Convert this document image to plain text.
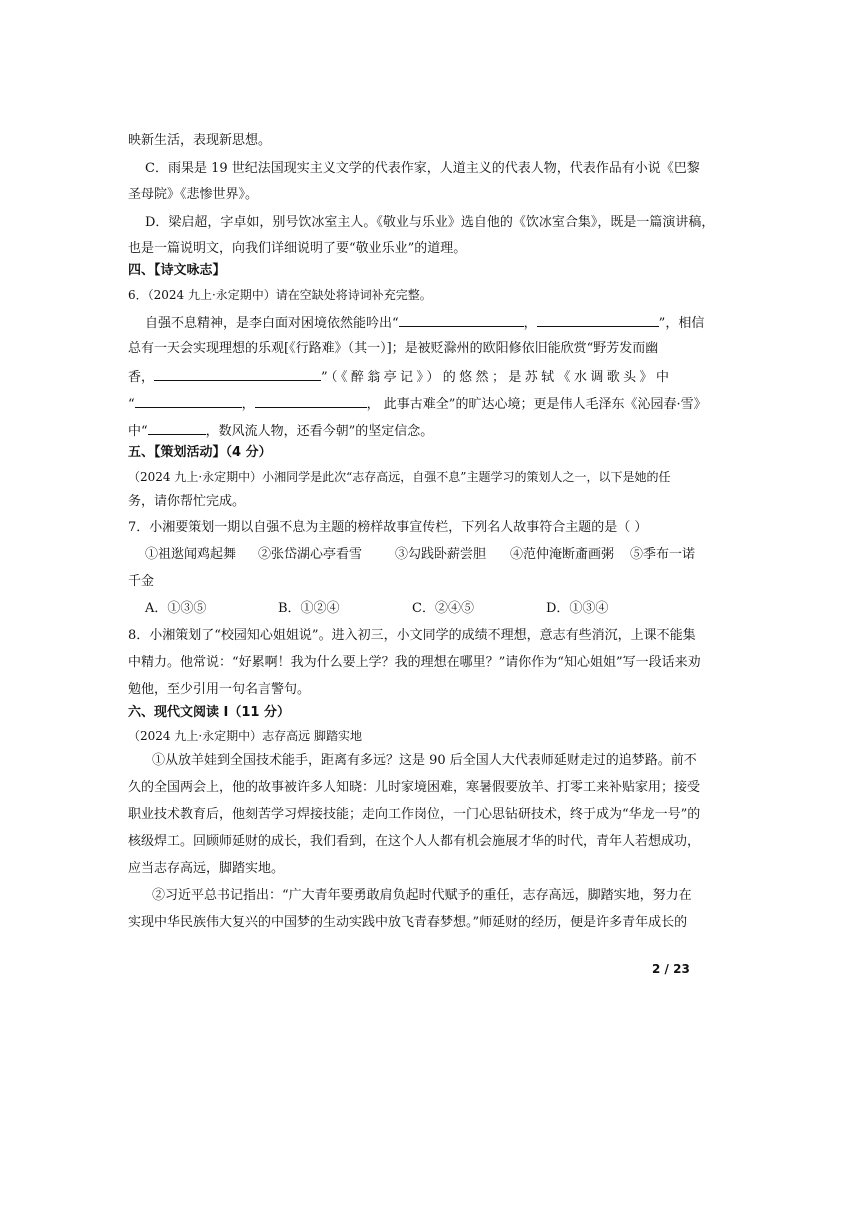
映新生活，表现新思想。
C．雨果是 19 世纪法国现实主义文学的代表作家，人道主义的代表人物，代表作品有小说《巴黎
圣母院》《悲惨世界》。
D．梁启超，字卓如，别号饮冰室主人。《敬业与乐业》选自他的《饮冰室合集》，既是一篇演讲稿，
也是一篇说明文，向我们详细说明了要“敬业乐业”的道理。
四、【诗文咏志】
6．（2024 九上·永定期中）请在空缺处将诗词补充完整。
自强不息精神，是李白面对困境依然能吟出“	，	”，相信
总有一天会实现理想的乐观[《行路难》（其一）]；是被贬滁州的欧阳修依旧能欣赏“野芳发而幽
香，	”（《醉翁亭记》）的悠然；是苏轼《水调歌头》中
“	，	， 此事古难全”的旷达心境；更是伟人毛泽东《沁园春·雪》
中“	，数风流人物，还看今朝”的坚定信念。
五、【策划活动】（4 分）
（2024 九上·永定期中）小湘同学是此次“志存高远，自强不息”主题学习的策划人之一，以下是她的任
务，请你帮忙完成。
7．小湘要策划一期以自强不息为主题的榜样故事宣传栏，下列名人故事符合主题的是（ ）
①祖逖闻鸡起舞 ②张岱湖心亭看雪	③勾践卧薪尝胆 ④范仲淹断齑画粥 ⑤季布一诺
千金
A．①③⑤	B．①②④	C．②④⑤	D．①③④
8．小湘策划了“校园知心姐姐说”。进入初三，小文同学的成绩不理想，意志有些消沉，上课不能集
中精力。他常说：“好累啊！我为什么要上学？我的理想在哪里？”请你作为“知心姐姐”写一段话来劝
勉他，至少引用一句名言警句。
六、现代文阅读 I（11 分）
（2024 九上·永定期中）志存高远 脚踏实地
①从放羊娃到全国技术能手，距离有多远？这是 90 后全国人大代表师延财走过的追梦路。前不
久的全国两会上，他的故事被许多人知晓：儿时家境困难，寒暑假要放羊、打零工来补贴家用；接受
职业技术教育后，他刻苦学习焊接技能；走向工作岗位，一门心思钻研技术，终于成为“华龙一号”的
核级焊工。回顾师延财的成长，我们看到，在这个人人都有机会施展才华的时代，青年人若想成功，
应当志存高远，脚踏实地。
②习近平总书记指出：“广大青年要勇敢肩负起时代赋予的重任，志存高远，脚踏实地，努力在
实现中华民族伟大复兴的中国梦的生动实践中放飞青春梦想。”师延财的经历，便是许多青年成长的
2 / 23
